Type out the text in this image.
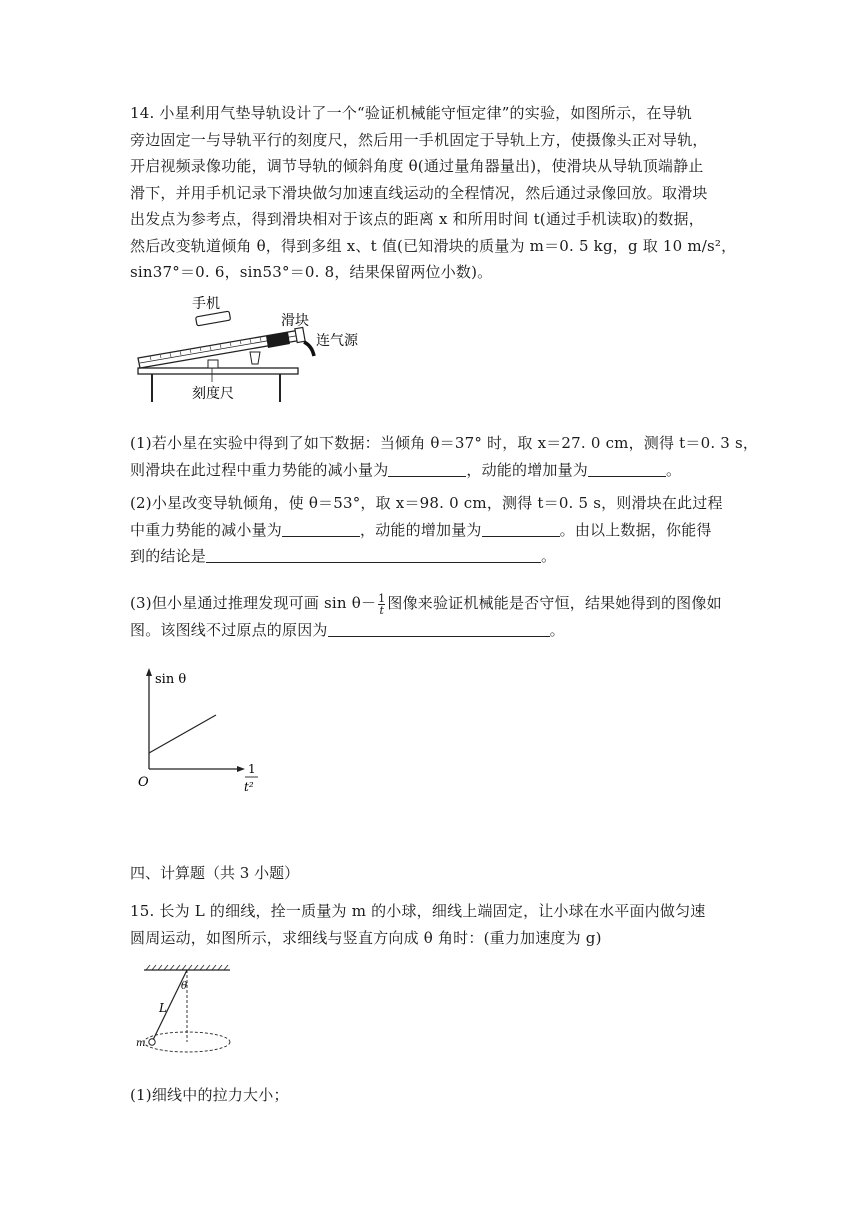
14. 小星利用气垫导轨设计了一个“验证机械能守恒定律”的实验，如图所示，在导轨
旁边固定一与导轨平行的刻度尺，然后用一手机固定于导轨上方，使摄像头正对导轨，
开启视频录像功能，调节导轨的倾斜角度 θ(通过量角器量出)，使滑块从导轨顶端静止
滑下，并用手机记录下滑块做匀加速直线运动的全程情况，然后通过录像回放。取滑块
出发点为参考点，得到滑块相对于该点的距离 x 和所用时间 t(通过手机读取)的数据，
然后改变轨道倾角 θ，得到多组 x、t 值(已知滑块的质量为 m＝0. 5 kg，g 取 10 m/s²，
sin37°＝0. 6，sin53°＝0. 8，结果保留两位小数)。
手机
滑块
连气源
刻度尺
(1)若小星在实验中得到了如下数据：当倾角 θ＝37° 时，取 x＝27. 0 cm，测得 t＝0. 3 s，
则滑块在此过程中重力势能的减小量为	，动能的增加量为	。
(2)小星改变导轨倾角，使 θ＝53°，取 x＝98. 0 cm，测得 t＝0. 5 s，则滑块在此过程
中重力势能的减小量为	，动能的增加量为	。由以上数据，你能得
到的结论是	。
(3)但小星通过推理发现可画 $\sin \theta- \frac{1}{t}$ 图像来验证机械能是否守恒，结果她得到的图像如
图。该图线不过原点的原因为	。
sin θ
O
1
t²
四、计算题（共 3 小题）
15. 长为 L 的细线，拴一质量为 m 的小球，细线上端固定，让小球在水平面内做匀速
圆周运动，如图所示，求细线与竖直方向成 θ 角时：(重力加速度为 g)
L
θ
m
(1)细线中的拉力大小；
